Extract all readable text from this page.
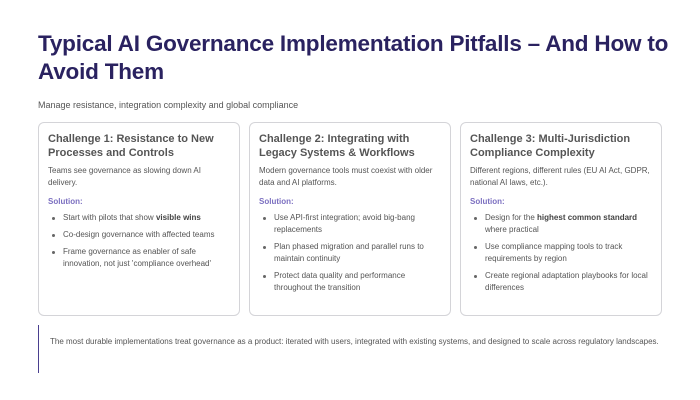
Typical AI Governance Implementation Pitfalls – And How to Avoid Them
Manage resistance, integration complexity and global compliance
Challenge 1: Resistance to New Processes and Controls
Teams see governance as slowing down AI delivery.
Solution:
Start with pilots that show visible wins
Co-design governance with affected teams
Frame governance as enabler of safe innovation, not just 'compliance overhead'
Challenge 2: Integrating with Legacy Systems & Workflows
Modern governance tools must coexist with older data and AI platforms.
Solution:
Use API-first integration; avoid big-bang replacements
Plan phased migration and parallel runs to maintain continuity
Protect data quality and performance throughout the transition
Challenge 3: Multi-Jurisdiction Compliance Complexity
Different regions, different rules (EU AI Act, GDPR, national AI laws, etc.).
Solution:
Design for the highest common standard where practical
Use compliance mapping tools to track requirements by region
Create regional adaptation playbooks for local differences
The most durable implementations treat governance as a product: iterated with users, integrated with existing systems, and designed to scale across regulatory landscapes.
